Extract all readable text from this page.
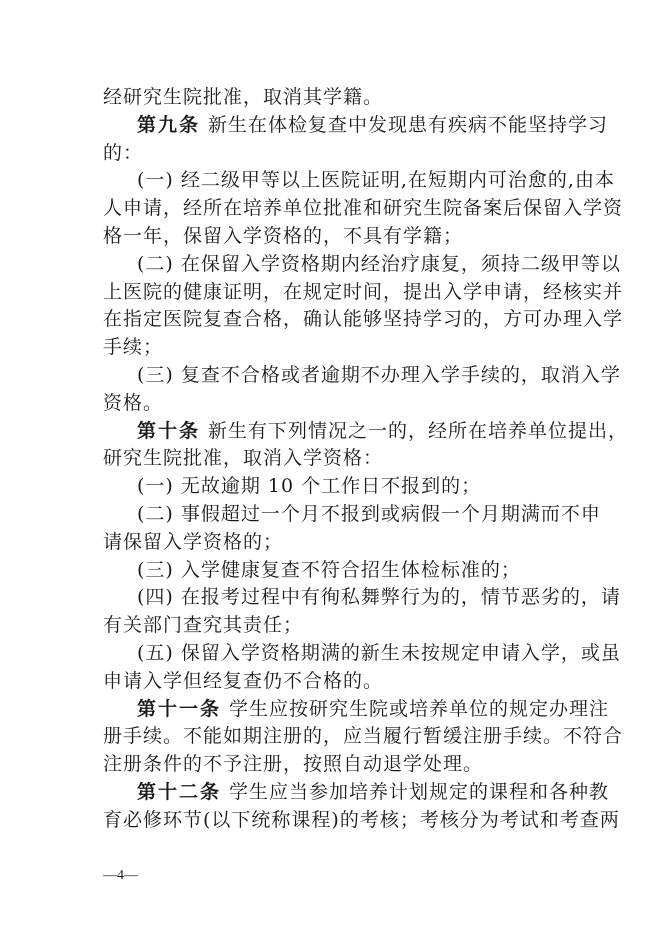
经研究生院批准，取消其学籍。
第九条 新生在体检复查中发现患有疾病不能坚持学习
的：
(一) 经二级甲等以上医院证明,在短期内可治愈的,由本
人申请，经所在培养单位批准和研究生院备案后保留入学资
格一年，保留入学资格的，不具有学籍；
(二) 在保留入学资格期内经治疗康复，须持二级甲等以
上医院的健康证明，在规定时间，提出入学申请，经核实并
在指定医院复查合格，确认能够坚持学习的，方可办理入学
手续；
(三) 复查不合格或者逾期不办理入学手续的，取消入学
资格。
第十条 新生有下列情况之一的，经所在培养单位提出，
研究生院批准，取消入学资格：
(一) 无故逾期 10 个工作日不报到的；
(二) 事假超过一个月不报到或病假一个月期满而不申
请保留入学资格的；
(三) 入学健康复查不符合招生体检标准的；
(四) 在报考过程中有徇私舞弊行为的，情节恶劣的，请
有关部门查究其责任；
(五) 保留入学资格期满的新生未按规定申请入学，或虽
申请入学但经复查仍不合格的。
第十一条 学生应按研究生院或培养单位的规定办理注
册手续。不能如期注册的，应当履行暂缓注册手续。不符合
注册条件的不予注册，按照自动退学处理。
第十二条 学生应当参加培养计划规定的课程和各种教
育必修环节(以下统称课程)的考核；考核分为考试和考查两
—4—
